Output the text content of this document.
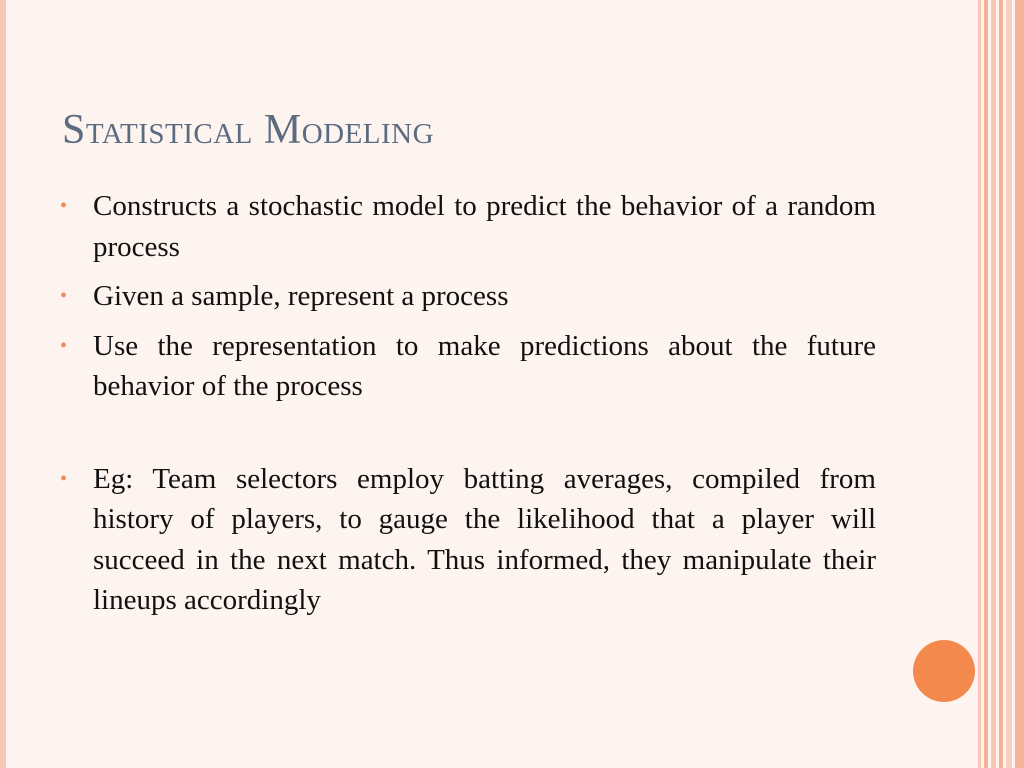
Statistical Modeling
• Constructs a stochastic model to predict the behavior of a random process
• Given a sample, represent a process
• Use the representation to make predictions about the future behavior of the process
• Eg: Team selectors employ batting averages, compiled from history of players, to gauge the likelihood that a player will succeed in the next match. Thus informed, they manipulate their lineups accordingly
